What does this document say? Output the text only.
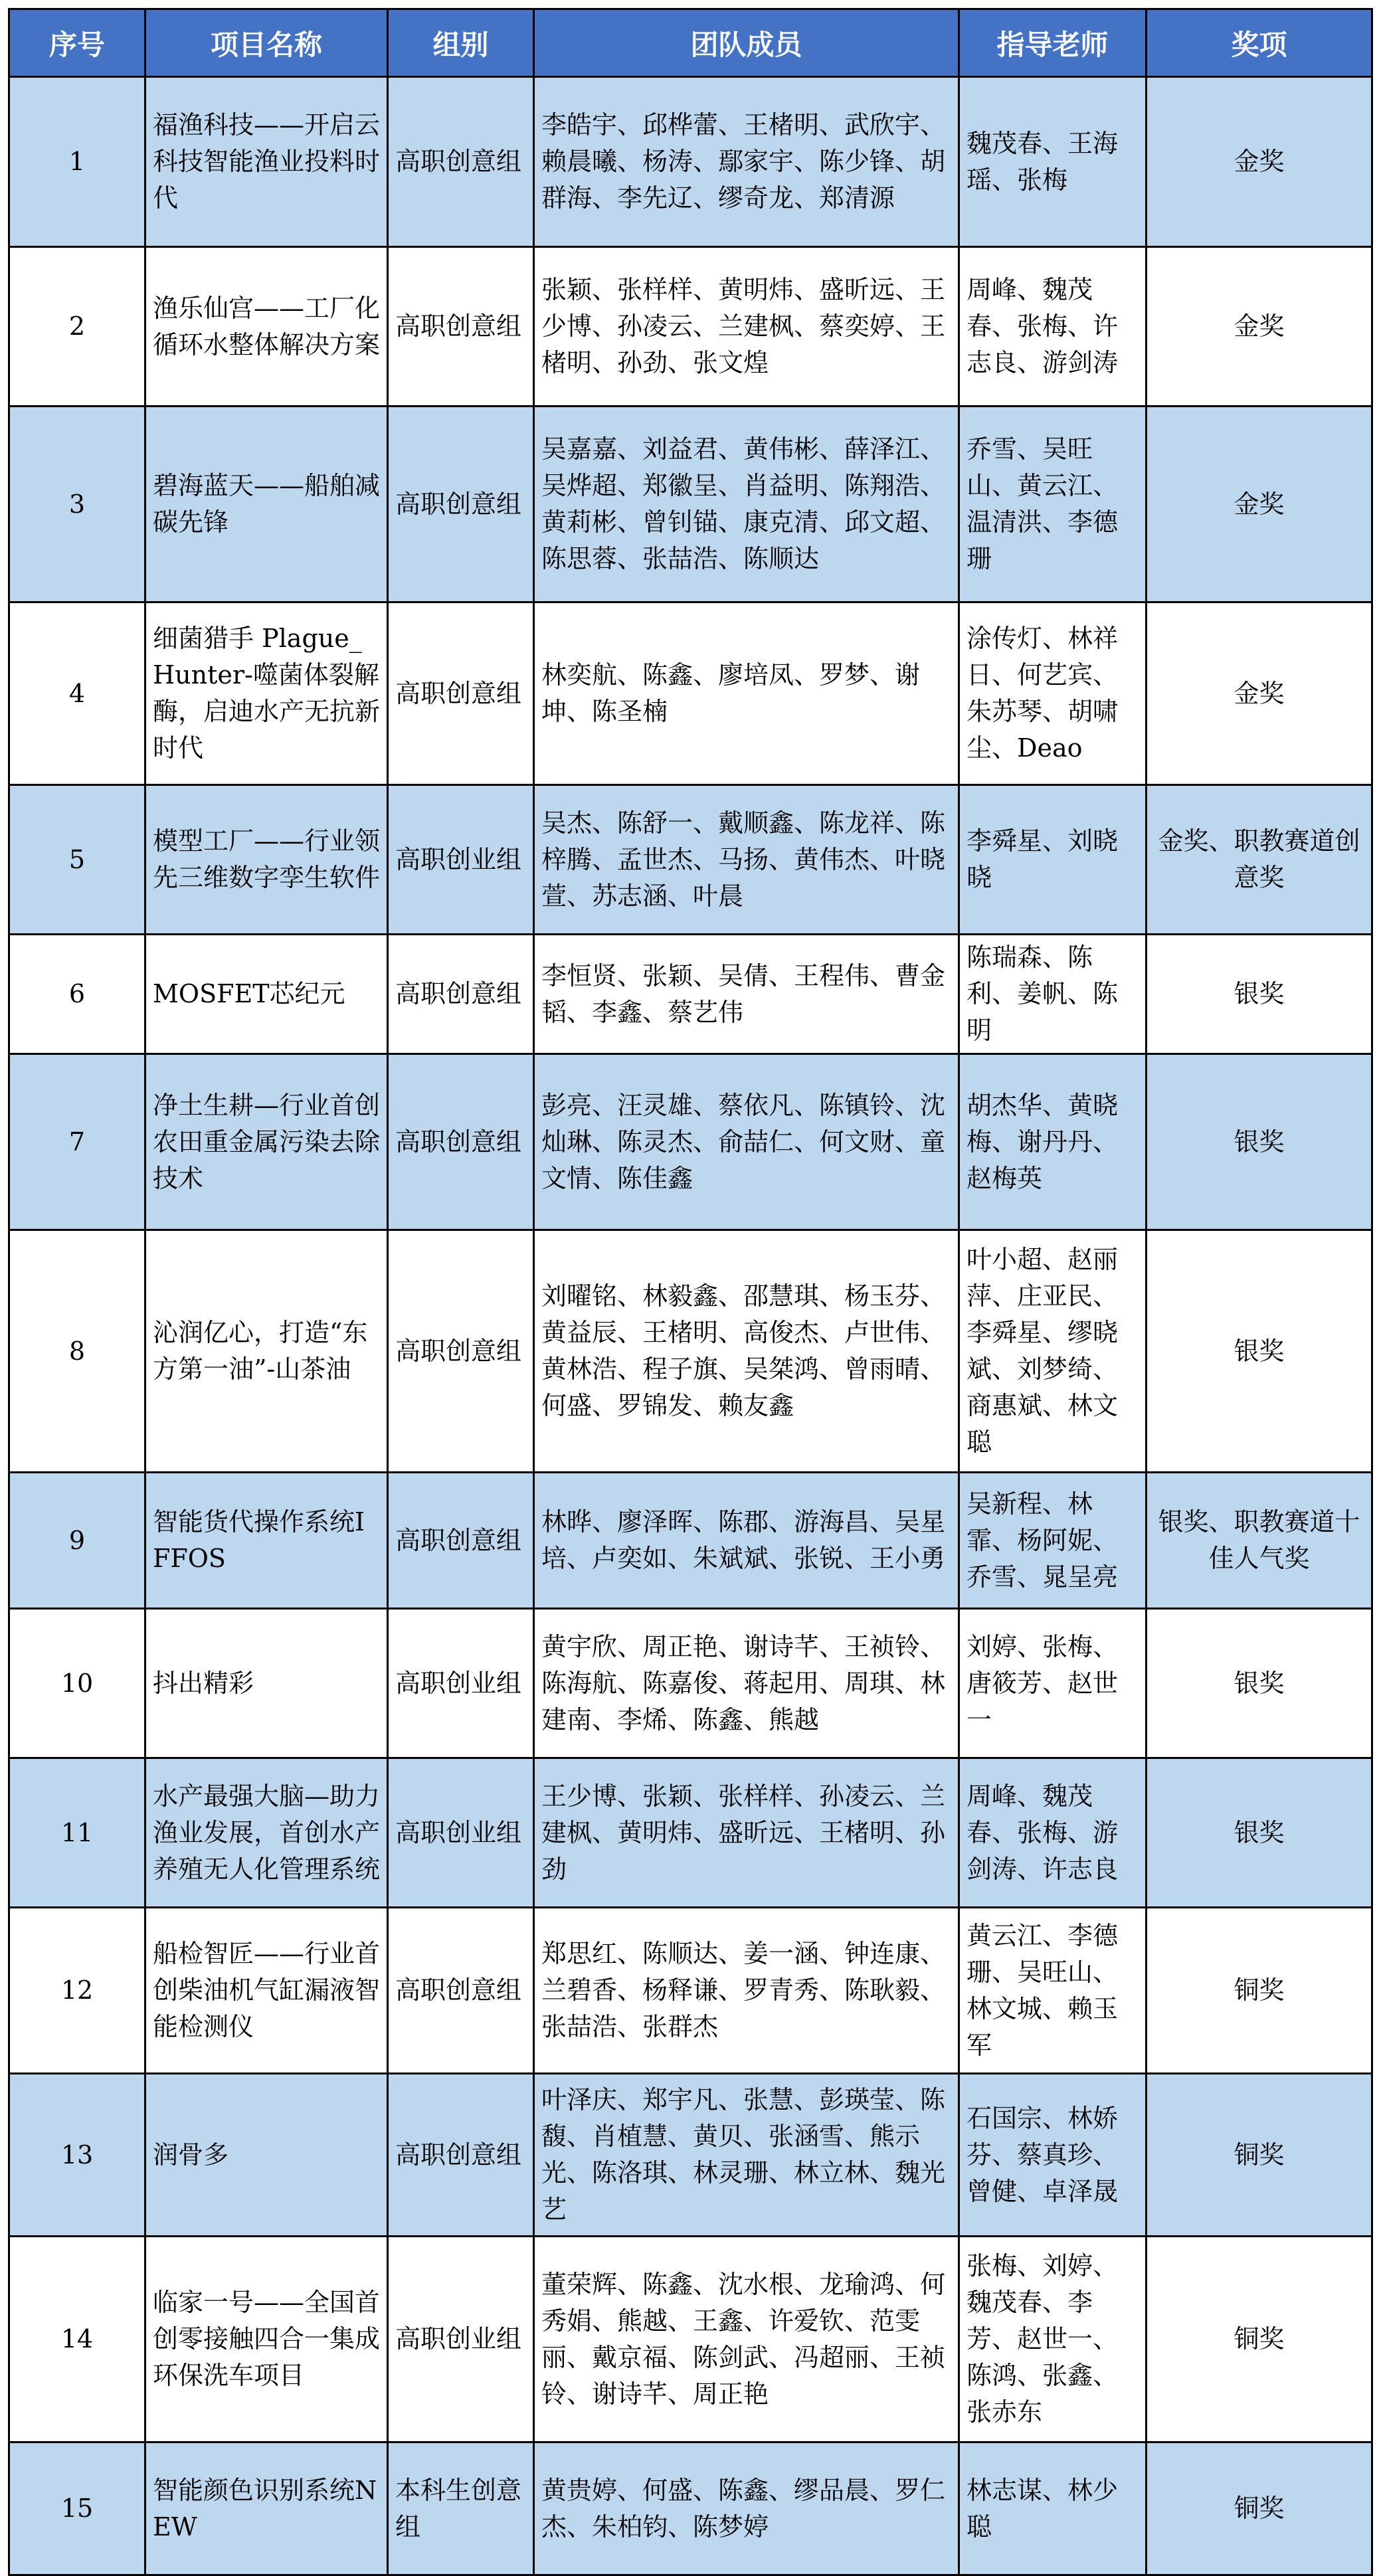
序号	项目名称	组别	团队成员	指导老师	奖项
1	福渔科技——开启云科技智能渔业投料时代	高职创意组	李皓宇、邱桦蕾、王楮明、武欣宇、赖晨曦、杨涛、鄢家宇、陈少锋、胡群海、李先辽、缪奇龙、郑清源	魏茂春、王海瑶、张梅	金奖
2	渔乐仙宫——工厂化循环水整体解决方案	高职创意组	张颖、张样样、黄明炜、盛昕远、王少博、孙凌云、兰建枫、蔡奕婷、王楮明、孙劲、张文煌	周峰、魏茂春、张梅、许志良、游剑涛	金奖
3	碧海蓝天——船舶减碳先锋	高职创意组	吴嘉嘉、刘益君、黄伟彬、薛泽江、吴烨超、郑徽呈、肖益明、陈翔浩、黄莉彬、曾钊锚、康克清、邱文超、陈思蓉、张喆浩、陈顺达	乔雪、吴旺山、黄云江、温清洪、李德珊	金奖
4	细菌猎手 Plague_Hunter-噬菌体裂解酶，启迪水产无抗新时代	高职创意组	林奕航、陈鑫、廖培凤、罗梦、谢坤、陈圣楠	涂传灯、林祥日、何艺宾、朱苏琴、胡啸尘、Deao	金奖
5	模型工厂——行业领先三维数字孪生软件	高职创业组	吴杰、陈舒一、戴顺鑫、陈龙祥、陈梓腾、孟世杰、马扬、黄伟杰、叶晓萱、苏志涵、叶晨	李舜星、刘晓晓	金奖、职教赛道创意奖
6	MOSFET芯纪元	高职创意组	李恒贤、张颖、吴倩、王程伟、曹金韬、李鑫、蔡艺伟	陈瑞森、陈利、姜帆、陈明	银奖
7	净土生耕—行业首创农田重金属污染去除技术	高职创意组	彭亮、汪灵雄、蔡依凡、陈镇铃、沈灿琳、陈灵杰、俞喆仁、何文财、童文情、陈佳鑫	胡杰华、黄晓梅、谢丹丹、赵梅英	银奖
8	沁润亿心，打造“东方第一油”-山茶油	高职创意组	刘曜铭、林毅鑫、邵慧琪、杨玉芬、黄益辰、王楮明、高俊杰、卢世伟、黄林浩、程子旗、吴桀鸿、曾雨晴、何盛、罗锦发、赖友鑫	叶小超、赵丽萍、庄亚民、李舜星、缪晓斌、刘梦绮、商惠斌、林文聪	银奖
9	智能货代操作系统IFFOS	高职创意组	林晔、廖泽晖、陈郡、游海昌、吴星培、卢奕如、朱斌斌、张锐、王小勇	吴新程、林霏、杨阿妮、乔雪、晁呈亮	银奖、职教赛道十佳人气奖
10	抖出精彩	高职创业组	黄宇欣、周正艳、谢诗芊、王祯铃、陈海航、陈嘉俊、蒋起用、周琪、林建南、李烯、陈鑫、熊越	刘婷、张梅、唐筱芳、赵世一	银奖
11	水产最强大脑—助力渔业发展，首创水产养殖无人化管理系统	高职创业组	王少博、张颖、张样样、孙凌云、兰建枫、黄明炜、盛昕远、王楮明、孙劲	周峰、魏茂春、张梅、游剑涛、许志良	银奖
12	船检智匠——行业首创柴油机气缸漏液智能检测仪	高职创意组	郑思红、陈顺达、姜一涵、钟连康、兰碧香、杨释谦、罗青秀、陈耿毅、张喆浩、张群杰	黄云江、李德珊、吴旺山、林文城、赖玉军	铜奖
13	润骨多	高职创意组	叶泽庆、郑宇凡、张慧、彭瑛莹、陈馥、肖植慧、黄贝、张涵雪、熊示光、陈洛琪、林灵珊、林立林、魏光艺	石国宗、林娇芬、蔡真珍、曾健、卓泽晟	铜奖
14	临家一号——全国首创零接触四合一集成环保洗车项目	高职创业组	董荣辉、陈鑫、沈水根、龙瑜鸿、何秀娟、熊越、王鑫、许爱钦、范雯丽、戴京福、陈剑武、冯超丽、王祯铃、谢诗芊、周正艳	张梅、刘婷、魏茂春、李芳、赵世一、陈鸿、张鑫、张赤东	铜奖
15	智能颜色识别系统NEW	本科生创意组	黄贵婷、何盛、陈鑫、缪品晨、罗仁杰、朱柏钧、陈梦婷	林志谋、林少聪	铜奖
